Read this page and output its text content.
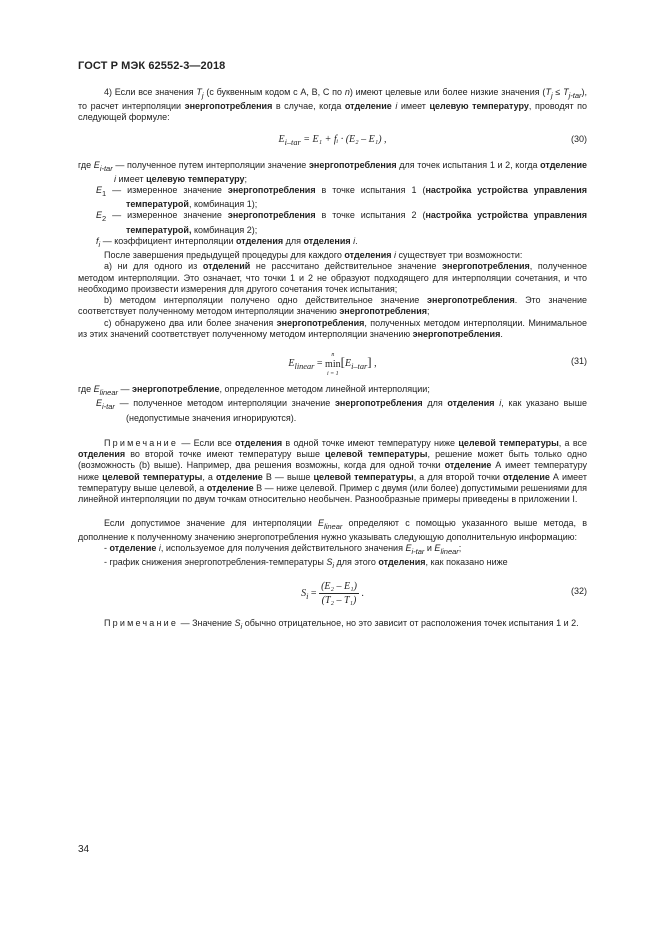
ГОСТ Р МЭК 62552-3—2018

4) Если все значения $T_j$ (с буквенным кодом с A, B, C по n) имеют целевые или более низкие значения $(T_j \le T_{j-tar})$, то расчет интерполяции энергопотребления в случае, когда отделение i имеет целевую температуру, проводят по следующей формуле:

$E_{i-tar} = E_1$ + fᵢ · (E₂ – E₁) ,	(30)

где $E_{i-tar}$ — полученное путем интерполяции значение энергопотребления для точек испытания 1 и 2, когда отделение i имеет целевую температуру;

$E_1$ — измеренное значение энергопотребления в точке испытания 1 (настройка устройства управления температурой, комбинация 1);

$E_2$ — измеренное значение энергопотребления в точке испытания 2 (настройка устройства управления температурой, комбинация 2);

$f_i$ — коэффициент интерполяции отделения для отделения i.

После завершения предыдущей процедуры для каждого отделения i существует три возможности:

а) ни для одного из отделений не рассчитано действительное значение энергопотребления, полученное методом интерполяции. Это означает, что точки 1 и 2 не образуют подходящего для интерполяции сочетания, и что необходимо произвести измерения для другого сочетания точек испытания;

b) методом интерполяции получено одно действительное значение энергопотребления. Это значение соответствует полученному методом интерполяции значению энергопотребления;

c) обнаружено два или более значения энергопотребления, полученных методом интерполяции. Минимальное из этих значений соответствует полученному методом интерполяции значению энергопотребления.

$E_{linear}$ =
n
min
i = 1
$[E_{i-tar}]$ ,	(31)

где $E_{linear}$ — энергопотребление, определенное методом линейной интерполяции;

$E_{i-tar}$ — полученное методом интерполяции значение энергопотребления для отделения i, как указано выше (недопустимые значения игнорируются).

Примечание — Если все отделения в одной точке имеют температуру ниже целевой температуры, а все отделения во второй точке имеют температуру выше целевой температуры, решение может быть только одно (возможность (b) выше). Например, два решения возможны, когда для одной точки отделение А имеет температуру ниже целевой температуры, а отделение В — выше целевой температуры, а для второй точки отделение А имеет температуру выше целевой, а отделение В — ниже целевой. Пример с двумя (или более) допустимыми решениями для линейной интерполяции по двум точкам относительно необычен. Разнообразные примеры приведены в приложении I.

Если допустимое значение для интерполяции $E_{linear}$ определяют с помощью указанного выше метода, в дополнение к полученному значению энергопотребления нужно указывать следующую дополнительную информацию:

- отделение i, используемое для получения действительного значения $E_{i-tar}$ и $E_{linear}$;

- график снижения энергопотребления-температуры $S_i$ для этого отделения, как показано ниже

$S_i = \frac{\text{(E₂ – E₁)}}{\text{(T₂ – T₁)}}$ .	(32)

Примечание — Значение $S_i$ обычно отрицательное, но это зависит от расположения точек испытания 1 и 2.

34
